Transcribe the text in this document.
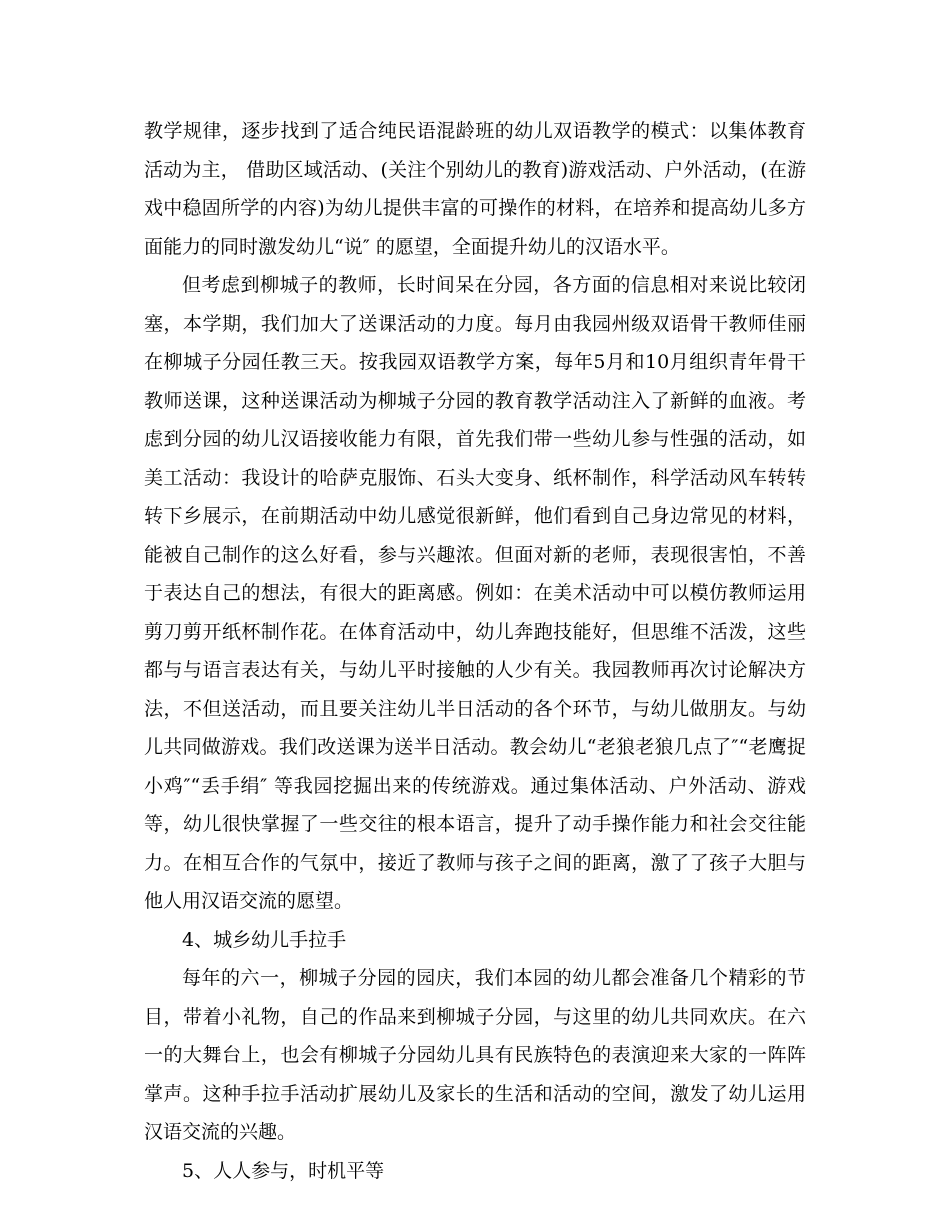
教学规律，逐步找到了适合纯民语混龄班的幼儿双语教学的模式：以集体教育活动为主， 借助区域活动、(关注个别幼儿的教育)游戏活动、户外活动，(在游戏中稳固所学的内容)为幼儿提供丰富的可操作的材料，在培养和提高幼儿多方面能力的同时激发幼儿“说″ 的愿望，全面提升幼儿的汉语水平。

但考虑到柳城子的教师，长时间呆在分园，各方面的信息相对来说比较闭塞，本学期，我们加大了送课活动的力度。每月由我园州级双语骨干教师佳丽在柳城子分园任教三天。按我园双语教学方案，每年5月和10月组织青年骨干教师送课，这种送课活动为柳城子分园的教育教学活动注入了新鲜的血液。考虑到分园的幼儿汉语接收能力有限，首先我们带一些幼儿参与性强的活动，如美工活动：我设计的哈萨克服饰、石头大变身、纸杯制作，科学活动风车转转转下乡展示，在前期活动中幼儿感觉很新鲜，他们看到自己身边常见的材料，能被自己制作的这么好看，参与兴趣浓。但面对新的老师，表现很害怕，不善于表达自己的想法，有很大的距离感。例如：在美术活动中可以模仿教师运用剪刀剪开纸杯制作花。在体育活动中，幼儿奔跑技能好，但思维不活泼，这些都与与语言表达有关，与幼儿平时接触的人少有关。我园教师再次讨论解决方法，不但送活动，而且要关注幼儿半日活动的各个环节，与幼儿做朋友。与幼儿共同做游戏。我们改送课为送半日活动。教会幼儿“老狼老狼几点了″“老鹰捉小鸡″“丢手绢″ 等我园挖掘出来的传统游戏。通过集体活动、户外活动、游戏等，幼儿很快掌握了一些交往的根本语言，提升了动手操作能力和社会交往能力。在相互合作的气氛中，接近了教师与孩子之间的距离，激了了孩子大胆与他人用汉语交流的愿望。

4、城乡幼儿手拉手

每年的六一，柳城子分园的园庆，我们本园的幼儿都会准备几个精彩的节目，带着小礼物，自己的作品来到柳城子分园，与这里的幼儿共同欢庆。在六一的大舞台上，也会有柳城子分园幼儿具有民族特色的表演迎来大家的一阵阵掌声。这种手拉手活动扩展幼儿及家长的生活和活动的空间，激发了幼儿运用汉语交流的兴趣。

5、人人参与，时机平等
